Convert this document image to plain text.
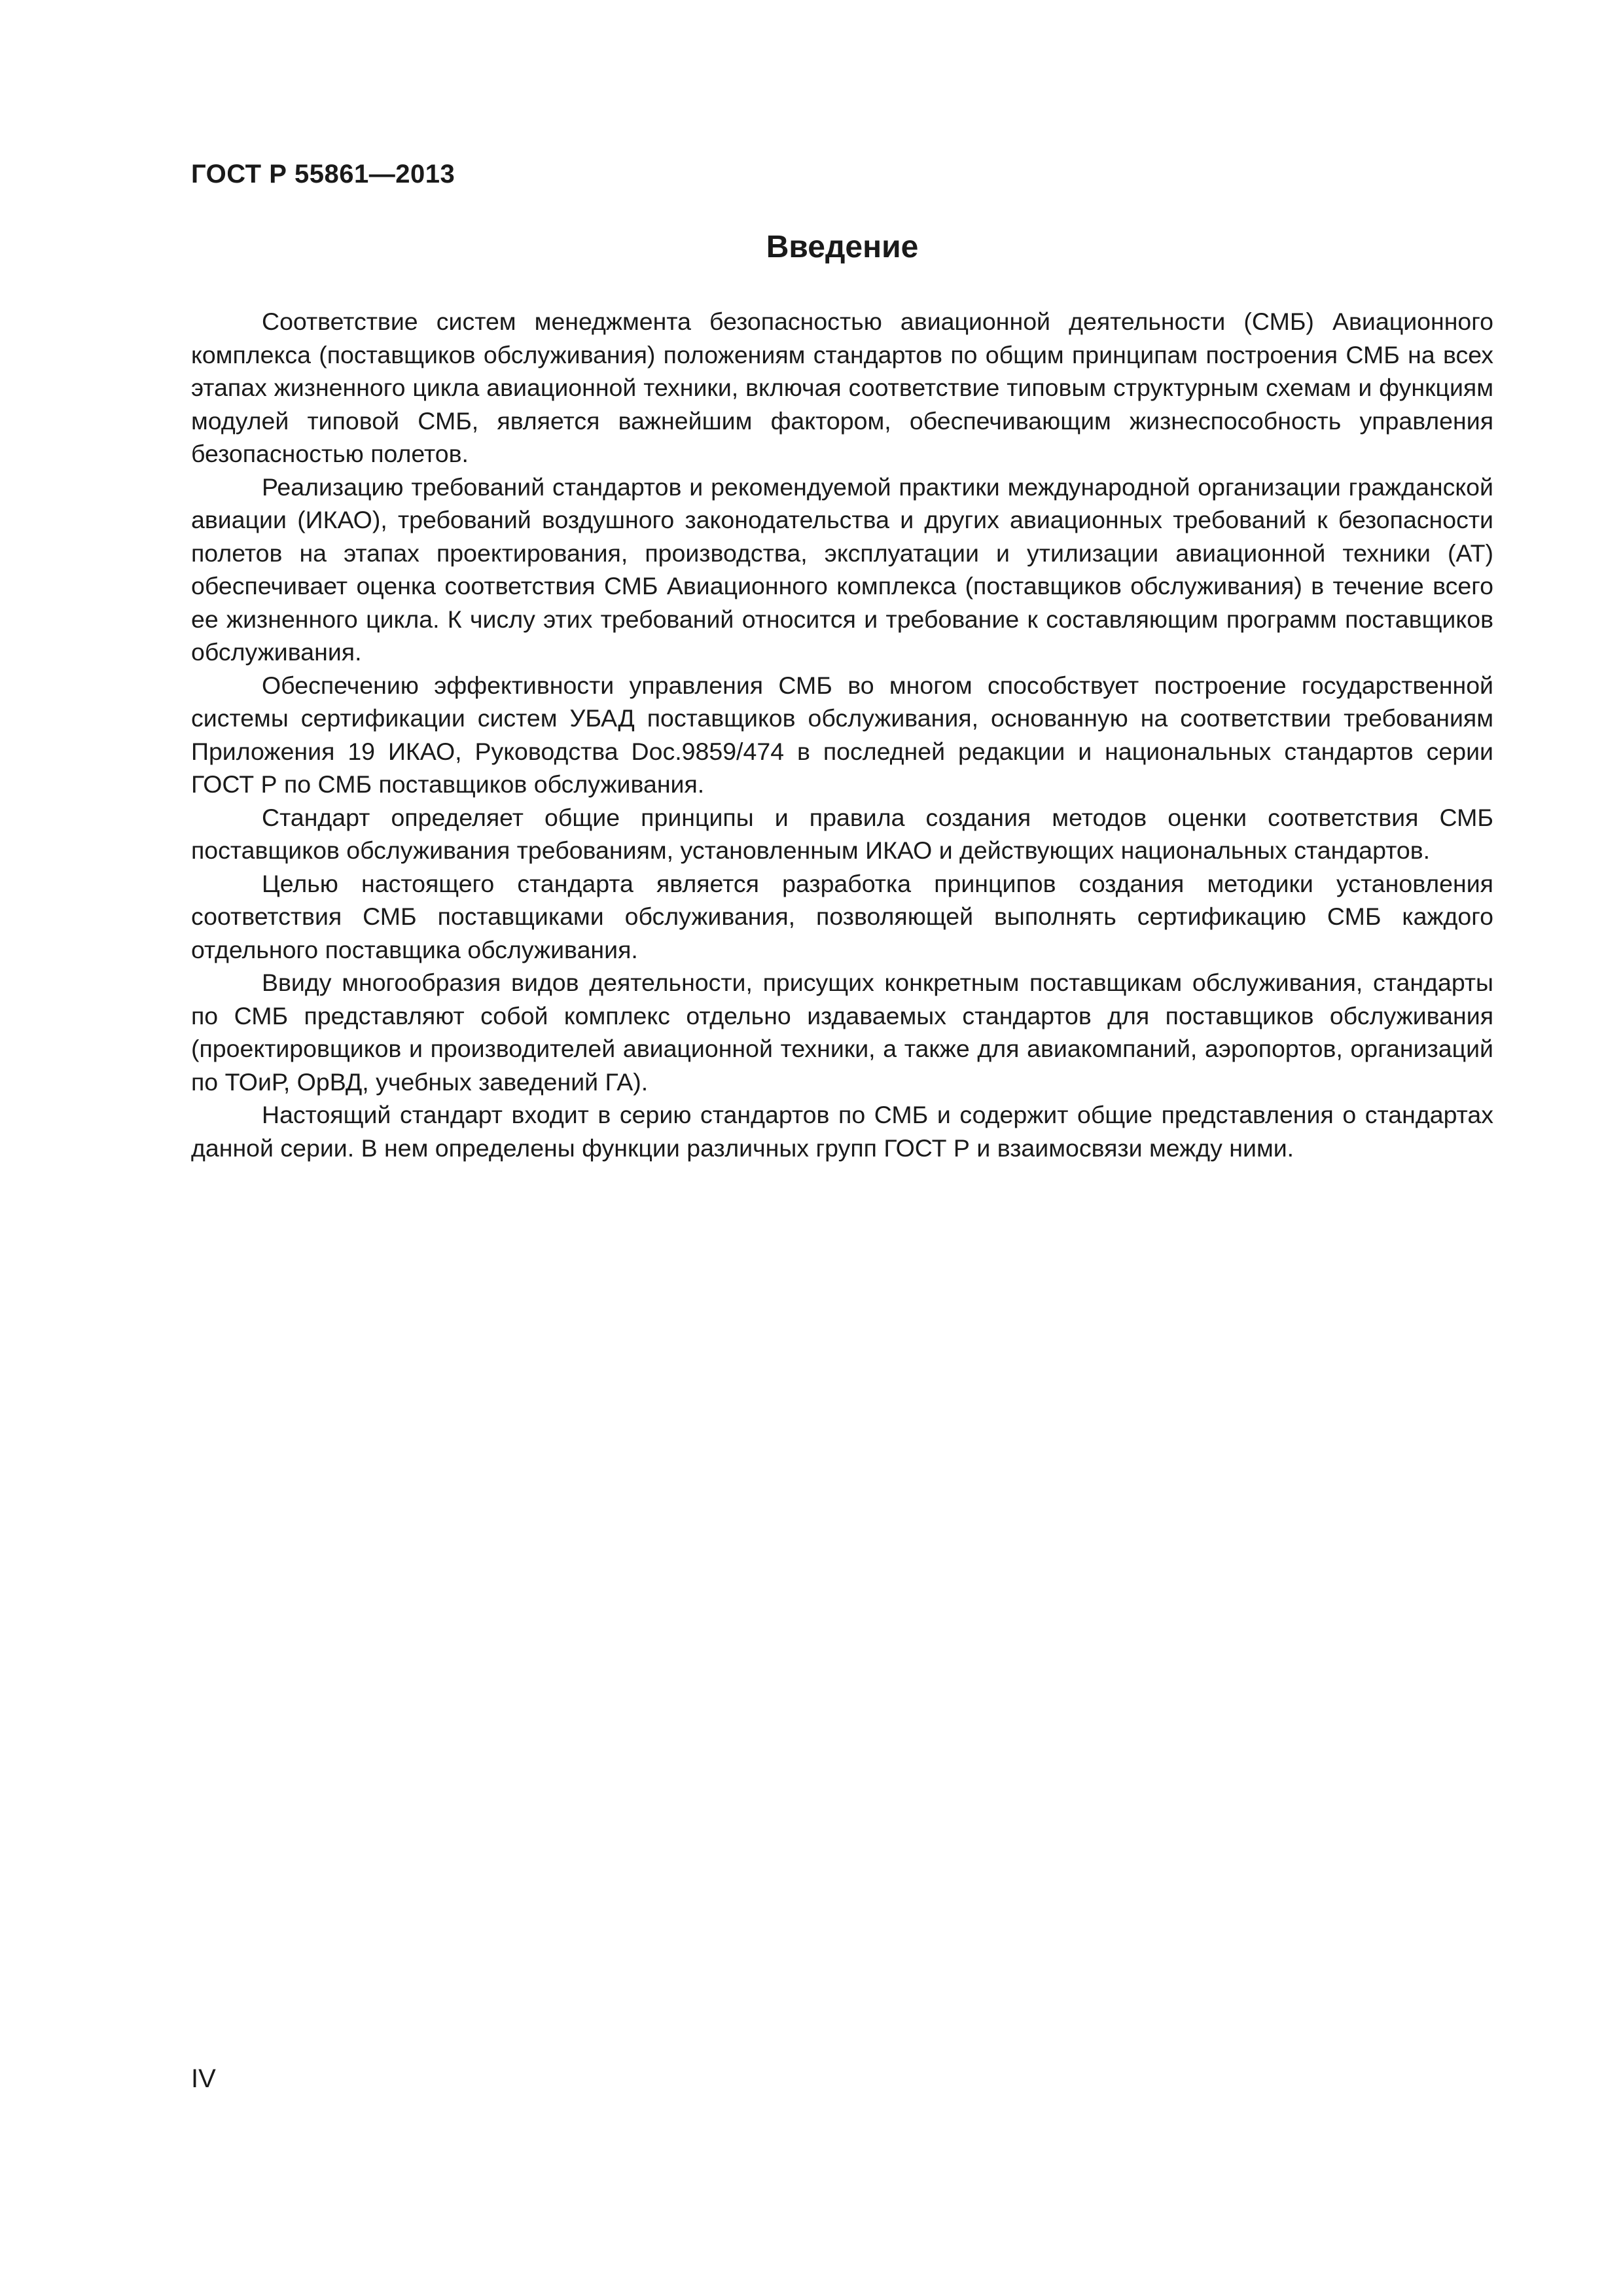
ГОСТ Р 55861—2013
Введение

Соответствие систем менеджмента безопасностью авиационной деятельности (СМБ) Авиационного комплекса (поставщиков обслуживания) положениям стандартов по общим принципам построения СМБ на всех этапах жизненного цикла авиационной техники, включая соответствие типовым структурным схемам и функциям модулей типовой СМБ, является важнейшим фактором, обеспечивающим жизнеспособность управления безопасностью полетов.

Реализацию требований стандартов и рекомендуемой практики международной организации гражданской авиации (ИКАО), требований воздушного законодательства и других авиационных требований к безопасности полетов на этапах проектирования, производства, эксплуатации и утилизации авиационной техники (АТ) обеспечивает оценка соответствия СМБ Авиационного комплекса (поставщиков обслуживания) в течение всего ее жизненного цикла. К числу этих требований относится и требование к составляющим программ поставщиков обслуживания.

Обеспечению эффективности управления СМБ во многом способствует построение государственной системы сертификации систем УБАД поставщиков обслуживания, основанную на соответствии требованиям Приложения 19 ИКАО, Руководства Doc.9859/474 в последней редакции и национальных стандартов серии ГОСТ Р по СМБ поставщиков обслуживания.

Стандарт определяет общие принципы и правила создания методов оценки соответствия СМБ поставщиков обслуживания требованиям, установленным ИКАО и действующих национальных стандартов.

Целью настоящего стандарта является разработка принципов создания методики установления соответствия СМБ поставщиками обслуживания, позволяющей выполнять сертификацию СМБ каждого отдельного поставщика обслуживания.

Ввиду многообразия видов деятельности, присущих конкретным поставщикам обслуживания, стандарты по СМБ представляют собой комплекс отдельно издаваемых стандартов для поставщиков обслуживания (проектировщиков и производителей авиационной техники, а также для авиакомпаний, аэропортов, организаций по ТОиР, ОрВД, учебных заведений ГА).

Настоящий стандарт входит в серию стандартов по СМБ и содержит общие представления о стандартах данной серии. В нем определены функции различных групп ГОСТ Р и взаимосвязи между ними.

IV
